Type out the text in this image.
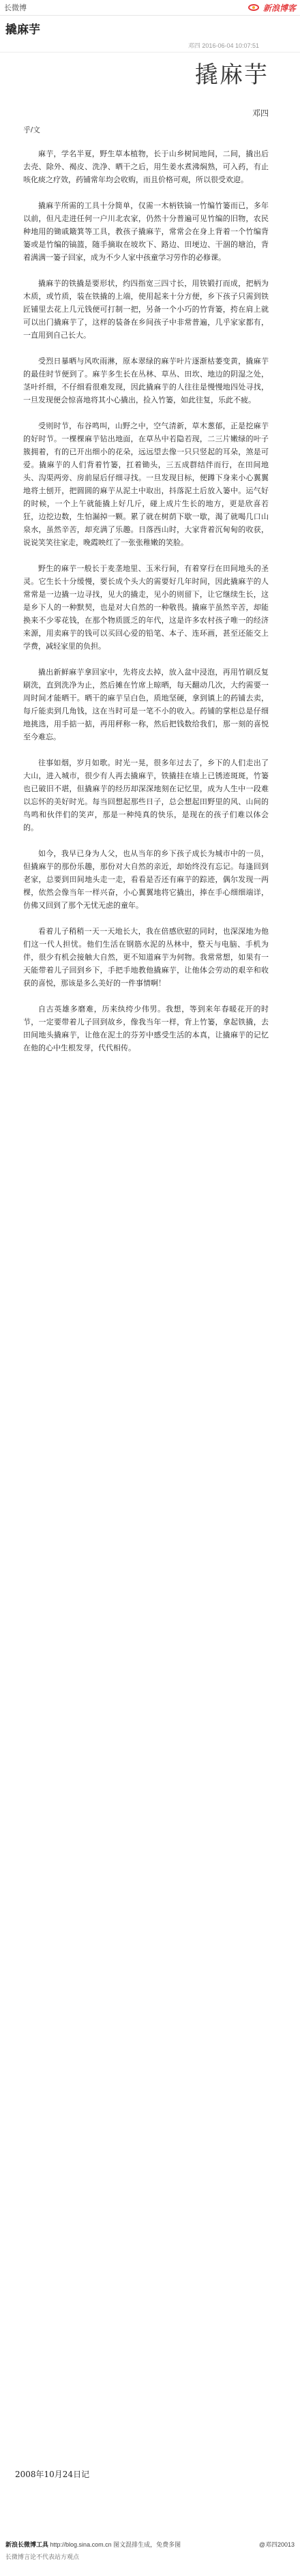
长微博	新浪博客
撬麻芋
邓四 2016-06-04 10:07:51
撬麻芋
邓四
乎/文

麻芋，学名半夏，野生草本植物，长于山乡树间地间，二间，撬出后去壳、除外、褐皮、洗净、晒干之后，用生姜水煮沸焖熟，可入药，有止咳化痰之疗效，药铺常年均会收购，而且价格可观，所以很受欢迎。

撬麻芋所需的工具十分简单，仅需一木柄铁镐一竹编竹篓而已，多年以前，但凡走进任何一户川北农家，仍然十分普遍可见竹编的旧物，农民种地用的锄戚簸箕等工具，教孩子撬麻芋，常常会在身上背着一个竹编背篓或是竹编的镐篮，随手摘取在坡坎下、路边、田埂边、干涸的塘泊，背着满满一篓子回家，成为不少人家中孩童学习劳作的必修课。

撬麻芋的铁撬是要形状，约四指宽三四寸长，用铁锻打而成，把柄为木质，或竹质，装在铁撬的上端，使用起来十分方便，乡下孩子只需到铁匠铺里去花上几元钱便可打制一把，另备一个小巧的竹背篓，挎在肩上就可以出门撬麻芋了，这样的装备在乡间孩子中非常普遍，几乎家家都有，一直用到自己长大。

受烈日暴晒与风吹雨淋，原本翠绿的麻芋叶片逐渐枯萎变黄，撬麻芋的最佳时节便到了。麻芋多生长在丛林、草丛、田坎、地边的阴湿之处，茎叶纤细，不仔细看很难发现，因此撬麻芋的人往往是慢慢地四处寻找，一旦发现便会惊喜地将其小心撬出，捡入竹篓，如此往复，乐此不疲。

受则时节，布谷鸣叫，山野之中，空气清新，草木葱郁，正是挖麻芋的好时节。一棵棵麻芋钻出地面，在草丛中若隐若现，二三片嫩绿的叶子簇拥着，有的已开出细小的花朵，远远望去像一只只竖起的耳朵，煞是可爱。撬麻芋的人们背着竹篓，扛着锄头，三五成群结伴而行，在田间地头、沟渠两旁、房前屋后仔细寻找。一旦发现目标，便蹲下身来小心翼翼地将土刨开，把圆圆的麻芋从泥土中取出，抖落泥土后放入篓中。运气好的时候，一个上午就能撬上好几斤，碰上成片生长的地方，更是欣喜若狂，边挖边数，生怕漏掉一颗。累了就在树荫下歇一歇，渴了就喝几口山泉水，虽然辛苦，却充满了乐趣。日落西山时，大家背着沉甸甸的收获，说说笑笑往家走，晚霞映红了一张张稚嫩的笑脸。

野生的麻芋一般长于麦垄地里、玉米行间，有着穿行在田间地头的圣灵。它生长十分缓慢，要长成个头大的需要好几年时间，因此撬麻芋的人常常是一边撬一边寻找，见大的撬走，见小的则留下，让它继续生长，这是乡下人的一种默契，也是对大自然的一种敬畏。撬麻芋虽然辛苦，却能换来不少零花钱，在那个物质匮乏的年代，这是许多农村孩子唯一的经济来源，用卖麻芋的钱可以买回心爱的铅笔、本子、连环画，甚至还能交上学费，减轻家里的负担。

撬出新鲜麻芋拿回家中，先将皮去掉，放入盆中浸泡，再用竹刷反复刷洗，直到洗净为止，然后摊在竹席上晾晒，每天翻动几次，大约需要一周时间才能晒干。晒干的麻芋呈白色，质地坚硬，拿到镇上的药铺去卖，每斤能卖到几角钱，这在当时可是一笔不小的收入。药铺的掌柜总是仔细地挑选，用手掂一掂，再用秤称一称，然后把钱数给我们，那一刻的喜悦至今难忘。

往事如烟，岁月如歌。时光一晃，很多年过去了，乡下的人们走出了大山，进入城市，很少有人再去撬麻芋，铁撬挂在墙上已锈迹斑斑，竹篓也已破旧不堪，但撬麻芋的经历却深深地刻在记忆里，成为人生中一段难以忘怀的美好时光。每当回想起那些日子，总会想起田野里的风、山间的鸟鸣和伙伴们的笑声，那是一种纯真的快乐，是现在的孩子们难以体会的。

如今，我早已身为人父，也从当年的乡下孩子成长为城市中的一员，但撬麻芋的那份乐趣，那份对大自然的亲近，却始终没有忘记。每逢回到老家，总要到田间地头走一走，看看是否还有麻芋的踪迹，偶尔发现一两棵，依然会像当年一样兴奋，小心翼翼地将它撬出，捧在手心细细端详，仿佛又回到了那个无忧无虑的童年。

看着儿子稍稍一天一天地长大，我在倍感欣慰的同时，也深深地为他们这一代人担忧。他们生活在钢筋水泥的丛林中，整天与电脑、手机为伴，很少有机会接触大自然，更不知道麻芋为何物。我常常想，如果有一天能带着儿子回到乡下，手把手地教他撬麻芋，让他体会劳动的艰辛和收获的喜悦，那该是多么美好的一件事情啊！

自古英雄多磨难，历来纨绔少伟男。我想，等到来年春暖花开的时节，一定要带着儿子回到故乡，像我当年一样，背上竹篓，拿起铁撬，去田间地头撬麻芋，让他在泥土的芬芳中感受生活的本真，让撬麻芋的记忆在他的心中生根发芽，代代相传。

2008年10月24日记
新浪长微博工具 http://blog.sina.com.cn 图文混排生成，免费多图	@邓四20013
长微博言论不代表站方观点
